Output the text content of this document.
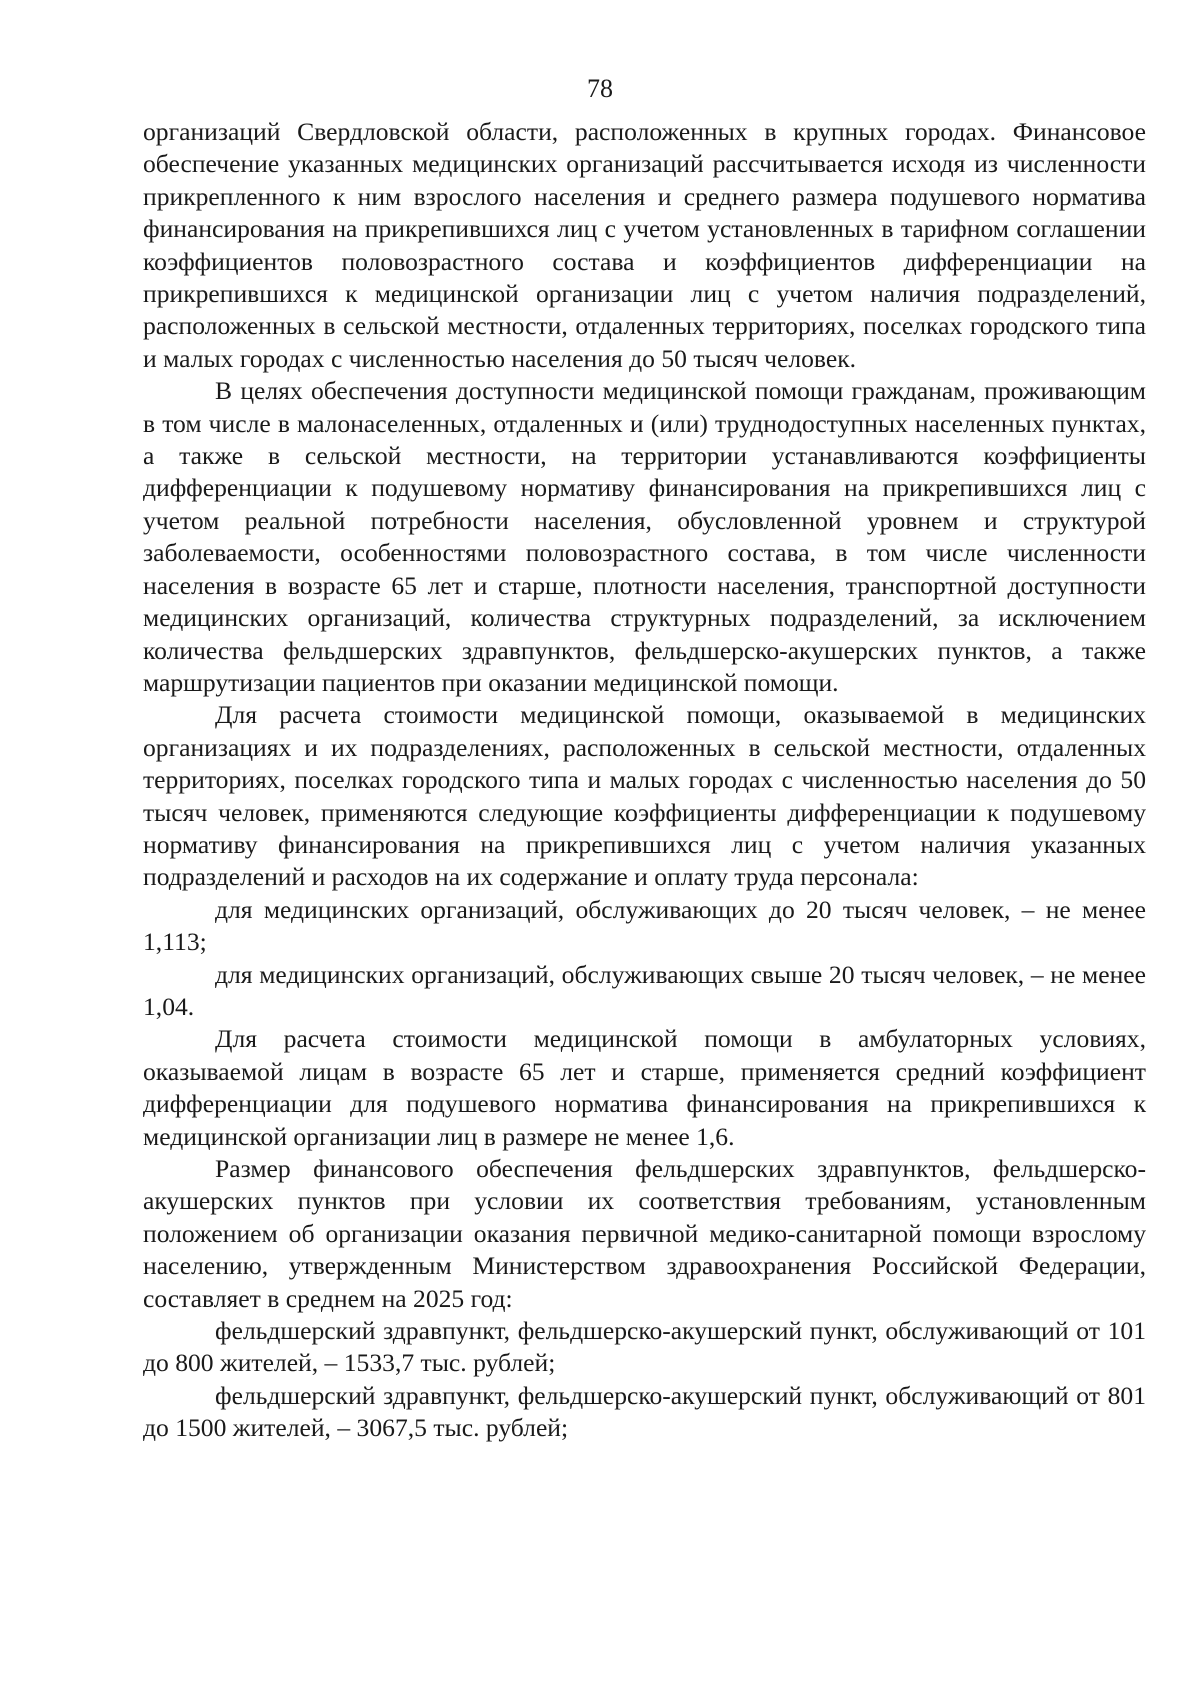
78

организаций Свердловской области, расположенных в крупных городах. Финансовое обеспечение указанных медицинских организаций рассчитывается исходя из численности прикрепленного к ним взрослого населения и среднего размера подушевого норматива финансирования на прикрепившихся лиц с учетом установленных в тарифном соглашении коэффициентов половозрастного состава и коэффициентов дифференциации на прикрепившихся к медицинской организации лиц с учетом наличия подразделений, расположенных в сельской местности, отдаленных территориях, поселках городского типа и малых городах с численностью населения до 50 тысяч человек.

В целях обеспечения доступности медицинской помощи гражданам, проживающим в том числе в малонаселенных, отдаленных и (или) труднодоступных населенных пунктах, а также в сельской местности, на территории устанавливаются коэффициенты дифференциации к подушевому нормативу финансирования на прикрепившихся лиц с учетом реальной потребности населения, обусловленной уровнем и структурой заболеваемости, особенностями половозрастного состава, в том числе численности населения в возрасте 65 лет и старше, плотности населения, транспортной доступности медицинских организаций, количества структурных подразделений, за исключением количества фельдшерских здравпунктов, фельдшерско-акушерских пунктов, а также маршрутизации пациентов при оказании медицинской помощи.

Для расчета стоимости медицинской помощи, оказываемой в медицинских организациях и их подразделениях, расположенных в сельской местности, отдаленных территориях, поселках городского типа и малых городах с численностью населения до 50 тысяч человек, применяются следующие коэффициенты дифференциации к подушевому нормативу финансирования на прикрепившихся лиц с учетом наличия указанных подразделений и расходов на их содержание и оплату труда персонала:

для медицинских организаций, обслуживающих до 20 тысяч человек, – не менее 1,113;

для медицинских организаций, обслуживающих свыше 20 тысяч человек, – не менее 1,04.

Для расчета стоимости медицинской помощи в амбулаторных условиях, оказываемой лицам в возрасте 65 лет и старше, применяется средний коэффициент дифференциации для подушевого норматива финансирования на прикрепившихся к медицинской организации лиц в размере не менее 1,6.

Размер финансового обеспечения фельдшерских здравпунктов, фельдшерско-акушерских пунктов при условии их соответствия требованиям, установленным положением об организации оказания первичной медико-санитарной помощи взрослому населению, утвержденным Министерством здравоохранения Российской Федерации, составляет в среднем на 2025 год:

фельдшерский здравпункт, фельдшерско-акушерский пункт, обслуживающий от 101 до 800 жителей, – 1533,7 тыс. рублей;

фельдшерский здравпункт, фельдшерско-акушерский пункт, обслуживающий от 801 до 1500 жителей, – 3067,5 тыс. рублей;
